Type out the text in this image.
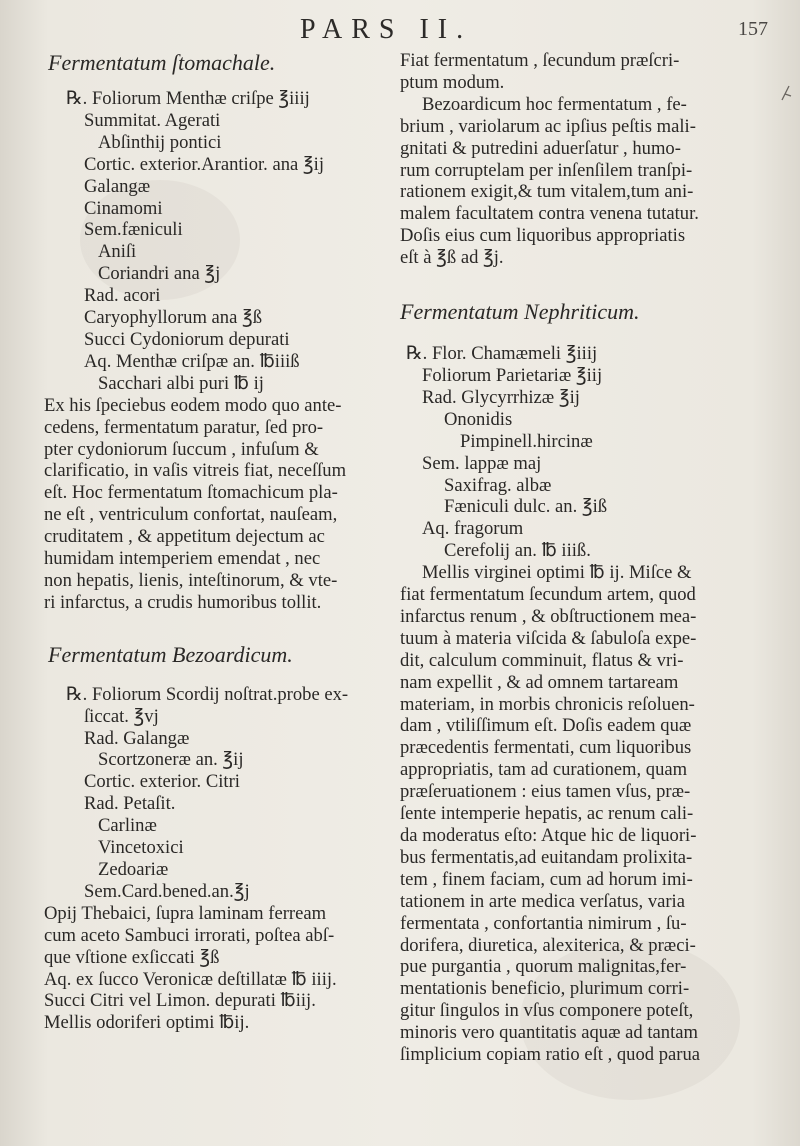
PARS II.	157
Fermentatum ſtomachale.
℞. Foliorum Menthæ criſpe ℥iiij
Summitat. Agerati
Abſinthij pontici
Cortic. exterior.Arantior. ana ℥ij
Galangæ
Cinamomi
Sem.fæniculi
Aniſi
Coriandri ana ℥j
Rad. acori
Caryophyllorum ana ℥ß
Succi Cydoniorum depurati
Aq. Menthæ criſpæ an. ℔iiiß
Sacchari albi puri ℔ ij
Ex his ſpeciebus eodem modo quo ante-
cedens, fermentatum paratur, ſed pro-
pter cydoniorum ſuccum , infuſum &
clarificatio, in vaſis vitreis fiat, neceſſum
eſt. Hoc fermentatum ſtomachicum pla-
ne eſt , ventriculum confortat, nauſeam,
cruditatem , & appetitum dejectum ac
humidam intemperiem emendat , nec
non hepatis, lienis, inteſtinorum, & vte-
ri infarctus, a crudis humoribus tollit.
Fermentatum Bezoardicum.
℞. Foliorum Scordij noſtrat.probe ex-
ſiccat. ℥vj
Rad. Galangæ
Scortzoneræ an. ℥ij
Cortic. exterior. Citri
Rad. Petaſit.
Carlinæ
Vincetoxici
Zedoariæ
Sem.Card.bened.an.℥j
Opij Thebaici, ſupra laminam ferream
cum aceto Sambuci irrorati, poſtea abſ-
que vſtione exſiccati ℥ß
Aq. ex ſucco Veronicæ deſtillatæ ℔ iiij.
Succi Citri vel Limon. depurati ℔iij.
Mellis odoriferi optimi ℔ij.
Fiat fermentatum , ſecundum præſcri-
ptum modum.
Bezoardicum hoc fermentatum , fe-
brium , variolarum ac ipſius peſtis mali-
gnitati & putredini aduerſatur , humo-
rum corruptelam per inſenſilem tranſpi-
rationem exigit,& tum vitalem,tum ani-
malem facultatem contra venena tutatur.
Doſis eius cum liquoribus appropriatis
eſt à ℥ß ad ℥j.
Fermentatum Nephriticum.
℞. Flor. Chamæmeli ℥iiij
Foliorum Parietariæ ℥iij
Rad. Glycyrrhizæ ℥ij
Ononidis
Pimpinell.hircinæ
Sem. lappæ maj
Saxifrag. albæ
Fæniculi dulc. an. ℥iß
Aq. fragorum
Cerefolij an. ℔ iiiß.
Mellis virginei optimi ℔ ij. Miſce &
fiat fermentatum ſecundum artem, quod
infarctus renum , & obſtructionem mea-
tuum à materia viſcida & ſabuloſa expe-
dit, calculum comminuit, flatus & vri-
nam expellit , & ad omnem tartaream
materiam, in morbis chronicis reſoluen-
dam , vtiliſſimum eſt. Doſis eadem quæ
præcedentis fermentati, cum liquoribus
appropriatis, tam ad curationem, quam
præſeruationem : eius tamen vſus, præ-
ſente intemperie hepatis, ac renum cali-
da moderatus eſto: Atque hic de liquori-
bus fermentatis,ad euitandam prolixita-
tem , finem faciam, cum ad horum imi-
tationem in arte medica verſatus, varia
fermentata , confortantia nimirum , ſu-
dorifera, diuretica, alexiterica, & præci-
pue purgantia , quorum malignitas,fer-
mentationis beneficio, plurimum corri-
gitur ſingulos in vſus componere poteſt,
minoris vero quantitatis aquæ ad tantam
ſimplicium copiam ratio eſt , quod parua
